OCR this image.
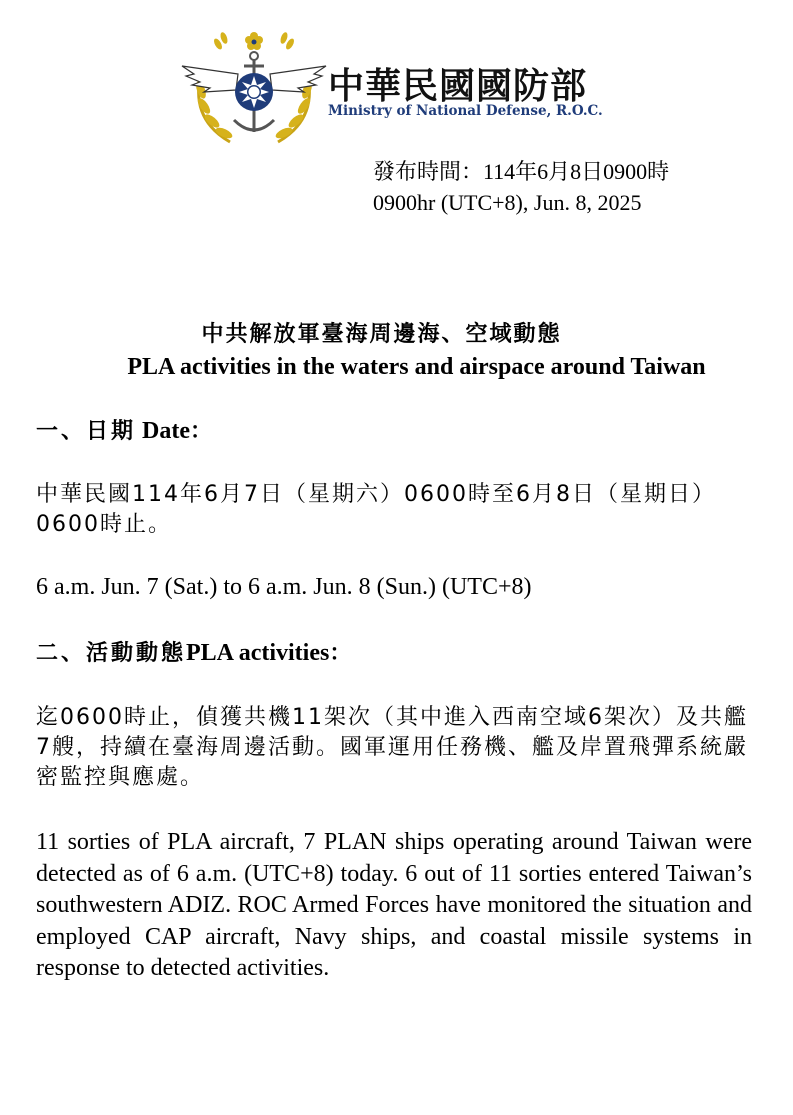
中華民國國防部
Ministry of National Defense, R.O.C.
發布時間：114年6月8日0900時
0900hr (UTC+8), Jun. 8, 2025
中共解放軍臺海周邊海、空域動態
PLA activities in the waters and airspace around Taiwan
一、日期 Date：

中華民國114年6月7日（星期六）0600時至6月8日（星期日）0600時止。

6 a.m. Jun. 7 (Sat.) to 6 a.m. Jun. 8 (Sun.) (UTC+8)

二、活動動態PLA activities：

迄0600時止，偵獲共機11架次（其中進入西南空域6架次）及共艦7艘，持續在臺海周邊活動。國軍運用任務機、艦及岸置飛彈系統嚴密監控與應處。

11 sorties of PLA aircraft, 7 PLAN ships operating around Taiwan were detected as of 6 a.m. (UTC+8) today. 6 out of 11 sorties entered Taiwan’s southwestern ADIZ. ROC Armed Forces have monitored the situation and employed CAP aircraft, Navy ships, and coastal missile systems in response to detected activities.
